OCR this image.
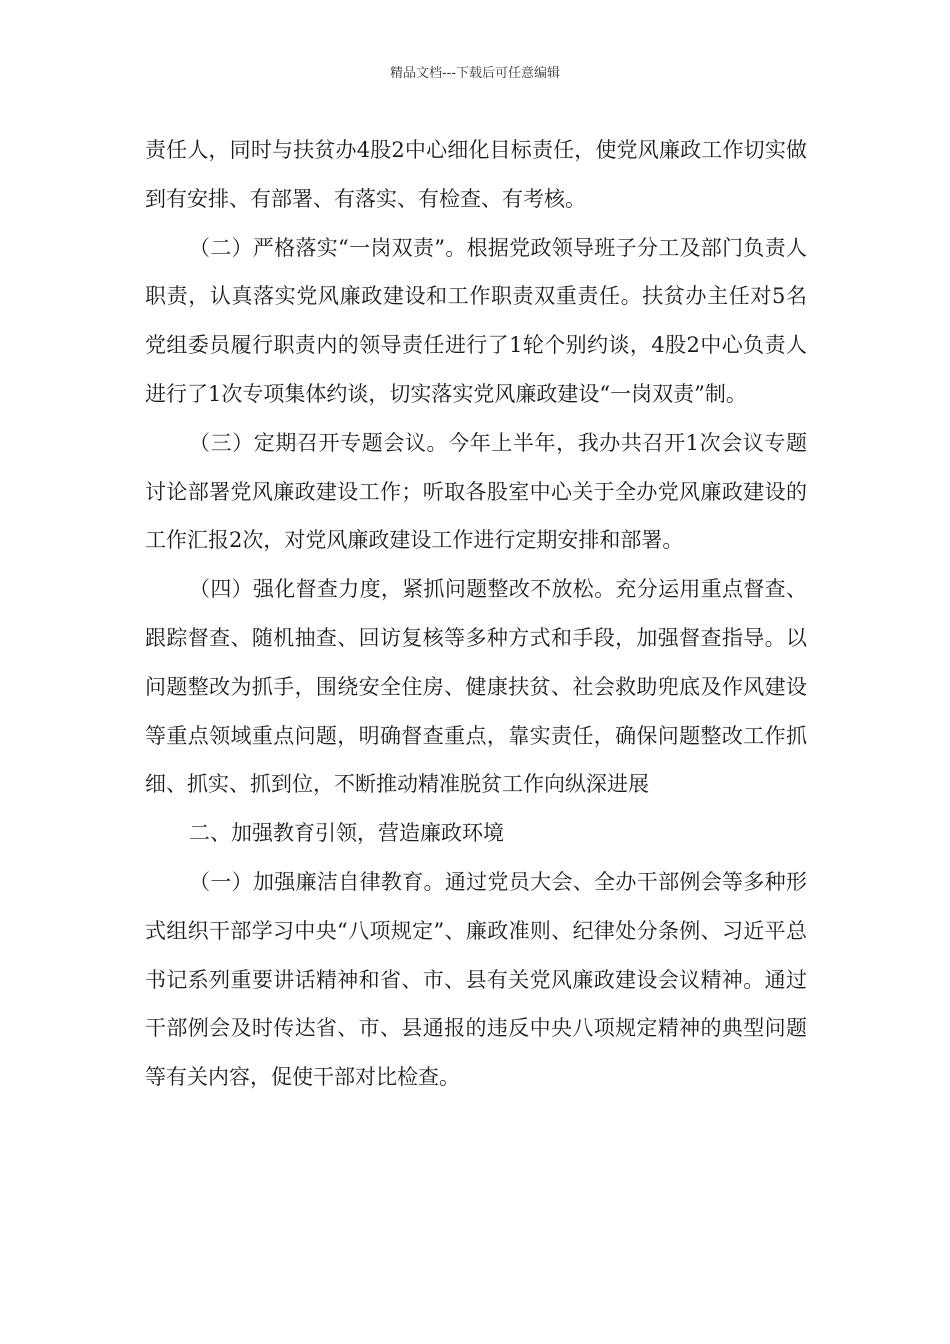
精品文档---下载后可任意编辑

责任人，同时与扶贫办4股2中心细化目标责任，使党风廉政工作切实做到有安排、有部署、有落实、有检查、有考核。

（二）严格落实“一岗双责”。根据党政领导班子分工及部门负责人职责，认真落实党风廉政建设和工作职责双重责任。扶贫办主任对5名党组委员履行职责内的领导责任进行了1轮个别约谈，4股2中心负责人进行了1次专项集体约谈，切实落实党风廉政建设“一岗双责”制。

（三）定期召开专题会议。今年上半年，我办共召开1次会议专题讨论部署党风廉政建设工作；听取各股室中心关于全办党风廉政建设的工作汇报2次，对党风廉政建设工作进行定期安排和部署。

（四）强化督查力度，紧抓问题整改不放松。充分运用重点督查、跟踪督查、随机抽查、回访复核等多种方式和手段，加强督查指导。以问题整改为抓手，围绕安全住房、健康扶贫、社会救助兜底及作风建设等重点领域重点问题，明确督查重点，靠实责任，确保问题整改工作抓细、抓实、抓到位，不断推动精准脱贫工作向纵深进展

二、加强教育引领，营造廉政环境

（一）加强廉洁自律教育。通过党员大会、全办干部例会等多种形式组织干部学习中央“八项规定”、廉政准则、纪律处分条例、习近平总书记系列重要讲话精神和省、市、县有关党风廉政建设会议精神。通过干部例会及时传达省、市、县通报的违反中央八项规定精神的典型问题等有关内容，促使干部对比检查。
